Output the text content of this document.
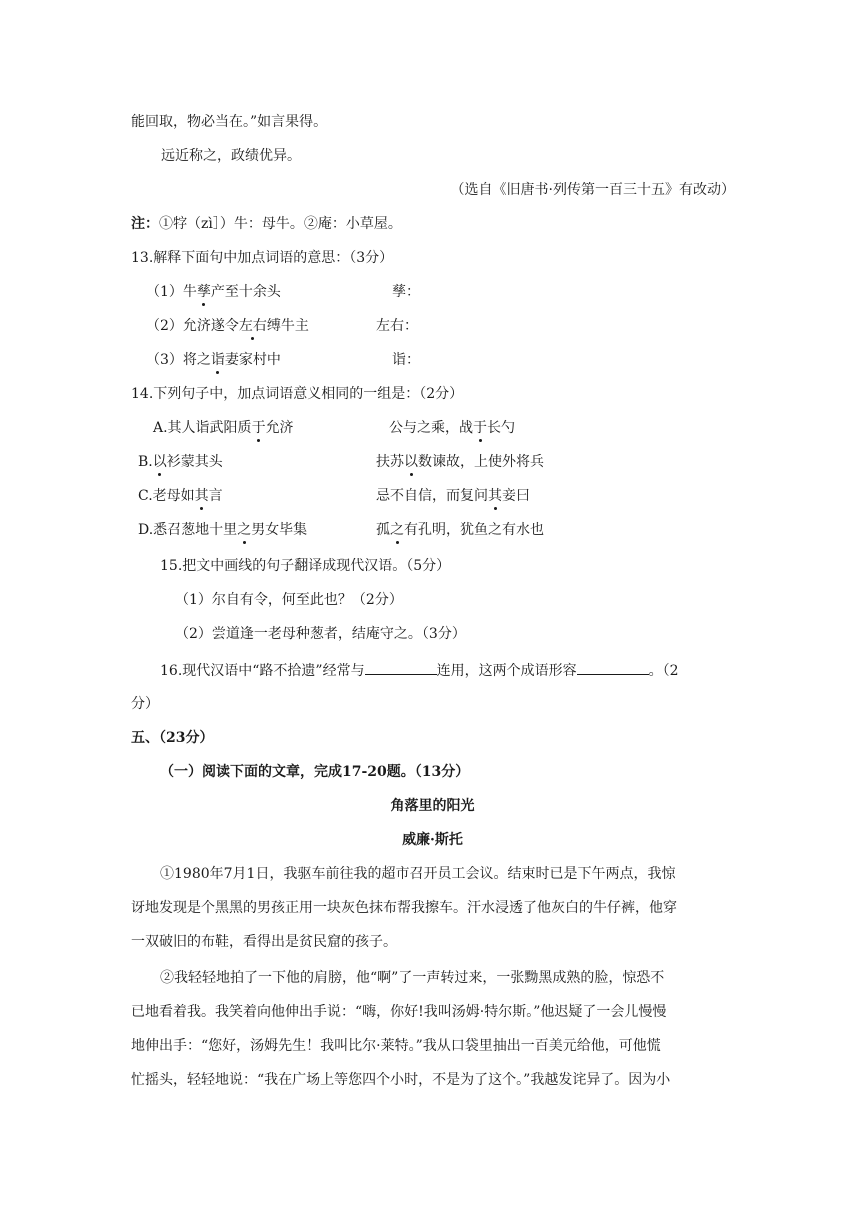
能回取，物必当在。”如言果得。
远近称之，政绩优异。
（选自《旧唐书·列传第一百三十五》有改动）
注：①牸（zì］）牛：母牛。②庵：小草屋。
13.解释下面句中加点词语的意思：（3分）
（1）牛孳产至十余头	孳：
（2）允济遂令左右缚牛主	左右：
（3）将之诣妻家村中	诣：
14.下列句子中，加点词语意义相同的一组是：（2分）
A.其人诣武阳质于允济	公与之乘，战于长勺
B.以衫蒙其头	扶苏以数谏故，上使外将兵
C.老母如其言	忌不自信，而复问其妾曰
D.悉召葱地十里之男女毕集	孤之有孔明，犹鱼之有水也
15.把文中画线的句子翻译成现代汉语。（5分）
（1）尔自有令，何至此也？（2分）
（2）尝道逢一老母种葱者，结庵守之。（3分）
16.现代汉语中“路不拾遗”经常与	连用，这两个成语形容	。（2
分）
五、（23分）
（一）阅读下面的文章，完成17-20题。（13分）
角落里的阳光
威廉·斯托
①1980年7月1日，我驱车前往我的超市召开员工会议。结束时已是下午两点，我惊
讶地发现是个黑黑的男孩正用一块灰色抹布帮我擦车。汗水浸透了他灰白的牛仔裤，他穿
一双破旧的布鞋，看得出是贫民窟的孩子。
②我轻轻地拍了一下他的肩膀，他“啊”了一声转过来，一张黝黑成熟的脸，惊恐不
已地看着我。我笑着向他伸出手说：“嗨，你好!我叫汤姆·特尔斯。”他迟疑了一会儿慢慢
地伸出手：“您好，汤姆先生！我叫比尔·莱特。”我从口袋里抽出一百美元给他，可他慌
忙摇头，轻轻地说：“我在广场上等您四个小时，不是为了这个。”我越发诧异了。因为小
